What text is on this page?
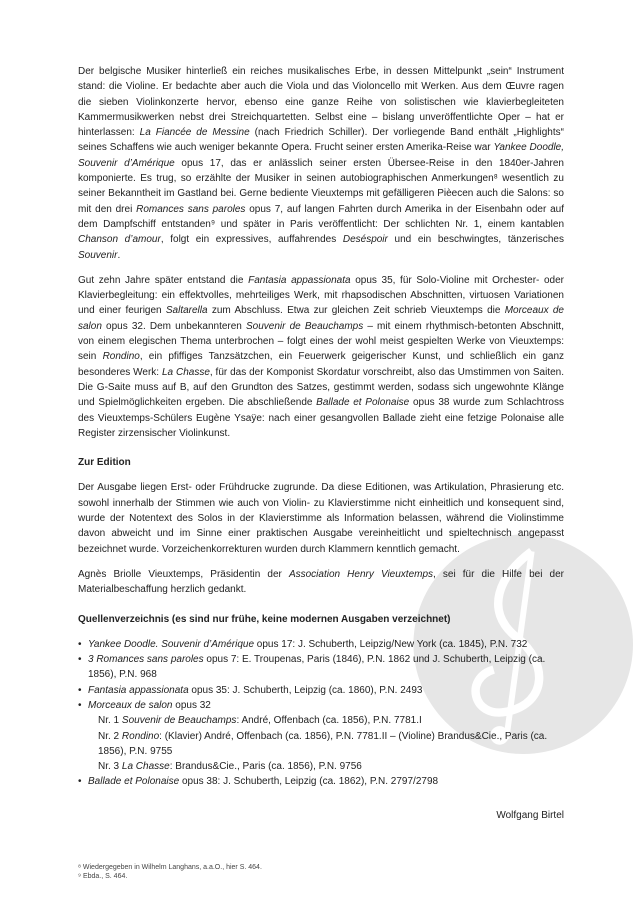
Der belgische Musiker hinterließ ein reiches musikalisches Erbe, in dessen Mittelpunkt „sein“ Instrument stand: die Violine. Er bedachte aber auch die Viola und das Violoncello mit Werken. Aus dem Œuvre ragen die sieben Violinkonzerte hervor, ebenso eine ganze Reihe von solistischen wie klavierbegleiteten Kammermusikwerken nebst drei Streichquartetten. Selbst eine – bislang unveröffentlichte Oper – hat er hinterlassen: La Fiancée de Messine (nach Friedrich Schiller). Der vorliegende Band enthält „Highlights“ seines Schaffens wie auch weniger bekannte Opera. Frucht seiner ersten Amerika-Reise war Yankee Doodle, Souvenir d’Amérique opus 17, das er anlässlich seiner ersten Übersee-Reise in den 1840er-Jahren komponierte. Es trug, so erzählte der Musiker in seinen autobiographischen Anmerkungen⁸ wesentlich zu seiner Bekanntheit im Gastland bei. Gerne bediente Vieuxtemps mit gefälligeren Pièecen auch die Salons: so mit den drei Romances sans paroles opus 7, auf langen Fahrten durch Amerika in der Eisenbahn oder auf dem Dampfschiff entstanden⁹ und später in Paris veröffentlicht: Der schlichten Nr. 1, einem kantablen Chanson d’amour, folgt ein expressives, auffahrendes Deséspoir und ein beschwingtes, tänzerisches Souvenir.

Gut zehn Jahre später entstand die Fantasia appassionata opus 35, für Solo-Violine mit Orchester- oder Klavierbegleitung: ein effektvolles, mehrteiliges Werk, mit rhapsodischen Abschnitten, virtuosen Variationen und einer feurigen Saltarella zum Abschluss. Etwa zur gleichen Zeit schrieb Vieuxtemps die Morceaux de salon opus 32. Dem unbekannteren Souvenir de Beauchamps – mit einem rhythmisch-betonten Abschnitt, von einem elegischen Thema unterbrochen – folgt eines der wohl meist gespielten Werke von Vieuxtemps: sein Rondino, ein pfiffiges Tanzsätzchen, ein Feuerwerk geigerischer Kunst, und schließlich ein ganz besonderes Werk: La Chasse, für das der Komponist Skordatur vorschreibt, also das Umstimmen von Saiten. Die G-Saite muss auf B, auf den Grundton des Satzes, gestimmt werden, sodass sich ungewohnte Klänge und Spielmöglichkeiten ergeben. Die abschließende Ballade et Polonaise opus 38 wurde zum Schlachtross des Vieuxtemps-Schülers Eugène Ysaÿe: nach einer gesangvollen Ballade zieht eine fetzige Polonaise alle Register zirzensischer Violinkunst.

Zur Edition

Der Ausgabe liegen Erst- oder Frühdrucke zugrunde. Da diese Editionen, was Artikulation, Phrasierung etc. sowohl innerhalb der Stimmen wie auch von Violin- zu Klavierstimme nicht einheitlich und konsequent sind, wurde der Notentext des Solos in der Klavierstimme als Information belassen, während die Violinstimme davon abweicht und im Sinne einer praktischen Ausgabe vereinheitlicht und spieltechnisch angepasst bezeichnet wurde. Vorzeichenkorrekturen wurden durch Klammern kenntlich gemacht.

Agnès Briolle Vieuxtemps, Präsidentin der Association Henry Vieuxtemps, sei für die Hilfe bei der Materialbeschaffung herzlich gedankt.

Quellenverzeichnis (es sind nur frühe, keine modernen Ausgaben verzeichnet)
• Yankee Doodle. Souvenir d’Amérique opus 17: J. Schuberth, Leipzig/New York (ca. 1845), P.N. 732
• 3 Romances sans paroles opus 7: E. Troupenas, Paris (1846), P.N. 1862 und J. Schuberth, Leipzig (ca. 1856), P.N. 968
• Fantasia appassionata opus 35: J. Schuberth, Leipzig (ca. 1860), P.N. 2493
• Morceaux de salon opus 32
Nr. 1 Souvenir de Beauchamps: André, Offenbach (ca. 1856), P.N. 7781.I
Nr. 2 Rondino: (Klavier) André, Offenbach (ca. 1856), P.N. 7781.II – (Violine) Brandus&Cie., Paris (ca. 1856), P.N. 9755
Nr. 3 La Chasse: Brandus&Cie., Paris (ca. 1856), P.N. 9756
• Ballade et Polonaise opus 38: J. Schuberth, Leipzig (ca. 1862), P.N. 2797/2798
Wolfgang Birtel
⁸ Wiedergegeben in Wilhelm Langhans, a.a.O., hier S. 464.
⁹ Ebda., S. 464.
